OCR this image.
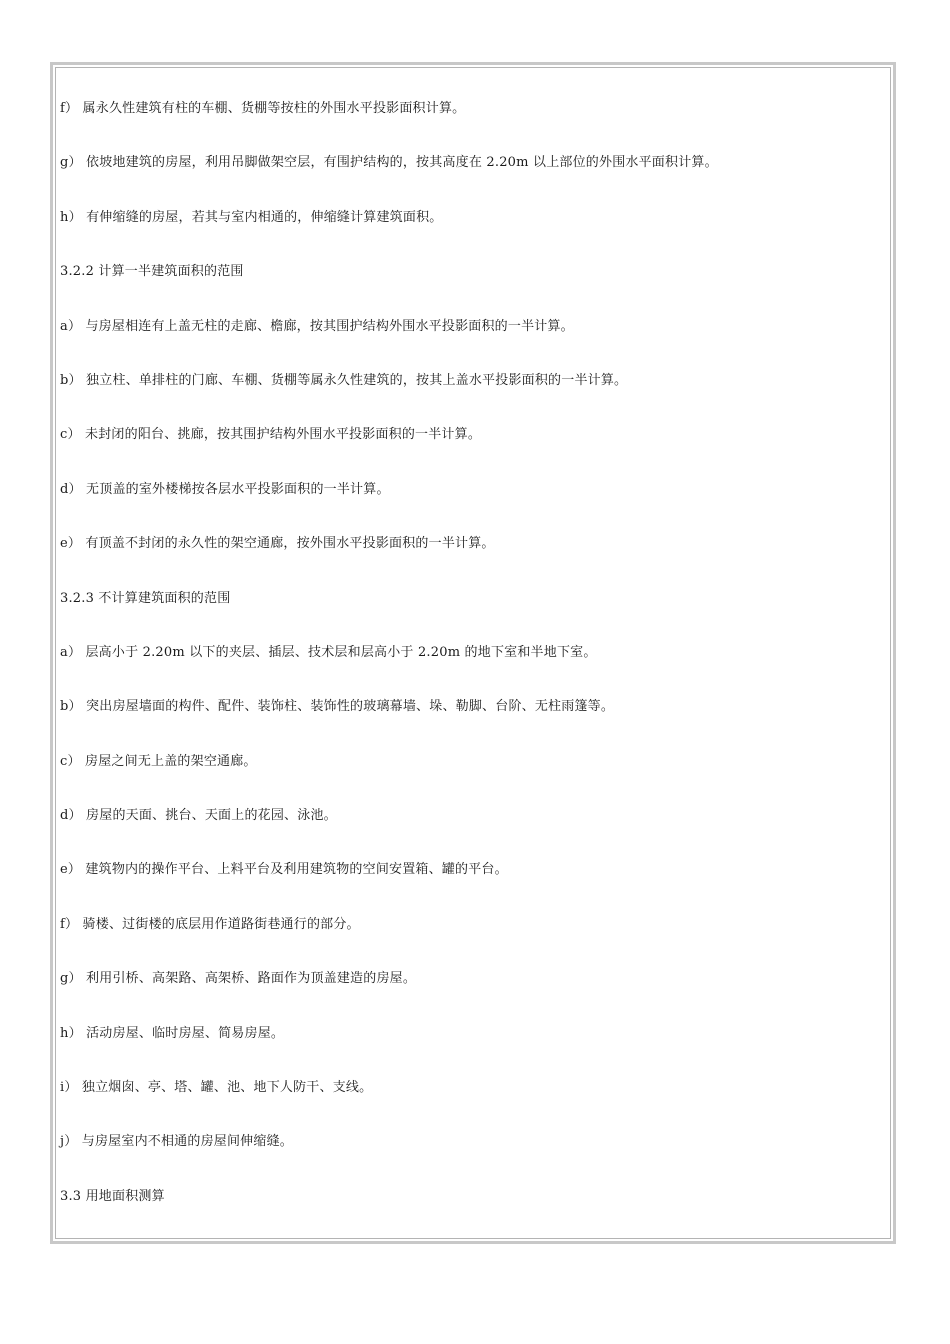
f） 属永久性建筑有柱的车棚、货棚等按柱的外围水平投影面积计算。
g） 依坡地建筑的房屋，利用吊脚做架空层，有围护结构的，按其高度在 2.20m 以上部位的外围水平面积计算。
h） 有伸缩缝的房屋，若其与室内相通的，伸缩缝计算建筑面积。
3.2.2 计算一半建筑面积的范围
a） 与房屋相连有上盖无柱的走廊、檐廊，按其围护结构外围水平投影面积的一半计算。
b） 独立柱、单排柱的门廊、车棚、货棚等属永久性建筑的，按其上盖水平投影面积的一半计算。
c） 未封闭的阳台、挑廊，按其围护结构外围水平投影面积的一半计算。
d） 无顶盖的室外楼梯按各层水平投影面积的一半计算。
e） 有顶盖不封闭的永久性的架空通廊，按外围水平投影面积的一半计算。
3.2.3 不计算建筑面积的范围
a） 层高小于 2.20m 以下的夹层、插层、技术层和层高小于 2.20m 的地下室和半地下室。
b） 突出房屋墙面的构件、配件、装饰柱、装饰性的玻璃幕墙、垛、勒脚、台阶、无柱雨篷等。
c） 房屋之间无上盖的架空通廊。
d） 房屋的天面、挑台、天面上的花园、泳池。
e） 建筑物内的操作平台、上料平台及利用建筑物的空间安置箱、罐的平台。
f） 骑楼、过街楼的底层用作道路街巷通行的部分。
g） 利用引桥、高架路、高架桥、路面作为顶盖建造的房屋。
h） 活动房屋、临时房屋、简易房屋。
i） 独立烟囱、亭、塔、罐、池、地下人防干、支线。
j） 与房屋室内不相通的房屋间伸缩缝。
3.3 用地面积测算
